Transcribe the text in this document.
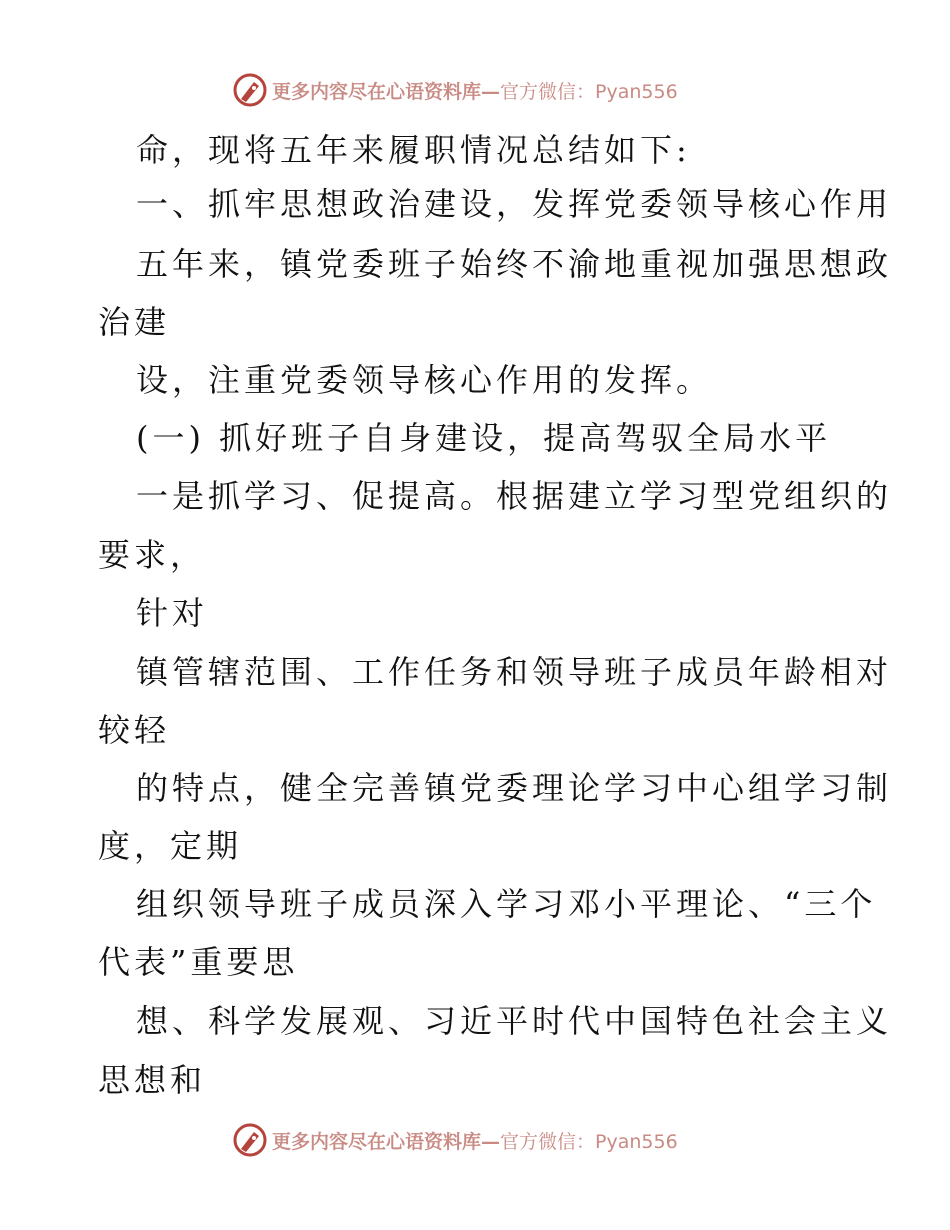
更多内容尽在心语资料库— 官方微信：Pyan556
命，现将五年来履职情况总结如下:
一、抓牢思想政治建设，发挥党委领导核心作用
五年来，镇党委班子始终不渝地重视加强思想政
治建
设，注重党委领导核心作用的发挥。
(一) 抓好班子自身建设，提高驾驭全局水平
一是抓学习、促提高。根据建立学习型党组织的
要求，
针对
镇管辖范围、工作任务和领导班子成员年龄相对
较轻
的特点，健全完善镇党委理论学习中心组学习制
度，定期
组织领导班子成员深入学习邓小平理论、“三个
代表”重要思
想、科学发展观、习近平时代中国特色社会主义
思想和
更多内容尽在心语资料库— 官方微信：Pyan556
